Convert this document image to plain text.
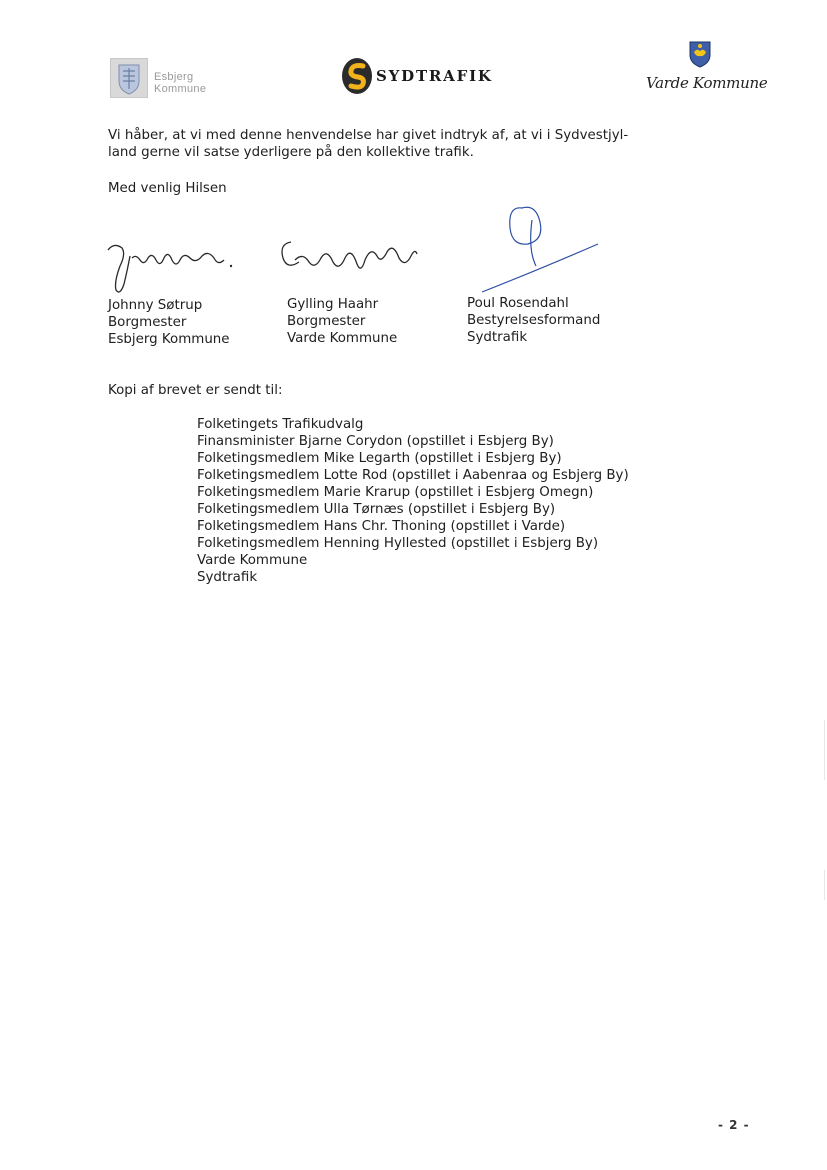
Esbjerg
Kommune
SYDTRAFIK	Varde Kommune
Vi håber, at vi med denne henvendelse har givet indtryk af, at vi i Sydvestjyl-
land gerne vil satse yderligere på den kollektive trafik.
Med venlig Hilsen
Johnny Søtrup
Borgmester
Esbjerg Kommune
Gylling Haahr
Borgmester
Varde Kommune
Poul Rosendahl
Bestyrelsesformand
Sydtrafik
Kopi af brevet er sendt til:
Folketingets Trafikudvalg
Finansminister Bjarne Corydon (opstillet i Esbjerg By)
Folketingsmedlem Mike Legarth (opstillet i Esbjerg By)
Folketingsmedlem Lotte Rod (opstillet i Aabenraa og Esbjerg By)
Folketingsmedlem Marie Krarup (opstillet i Esbjerg Omegn)
Folketingsmedlem Ulla Tørnæs (opstillet i Esbjerg By)
Folketingsmedlem Hans Chr. Thoning (opstillet i Varde)
Folketingsmedlem Henning Hyllested (opstillet i Esbjerg By)
Varde Kommune
Sydtrafik
- 2 -
